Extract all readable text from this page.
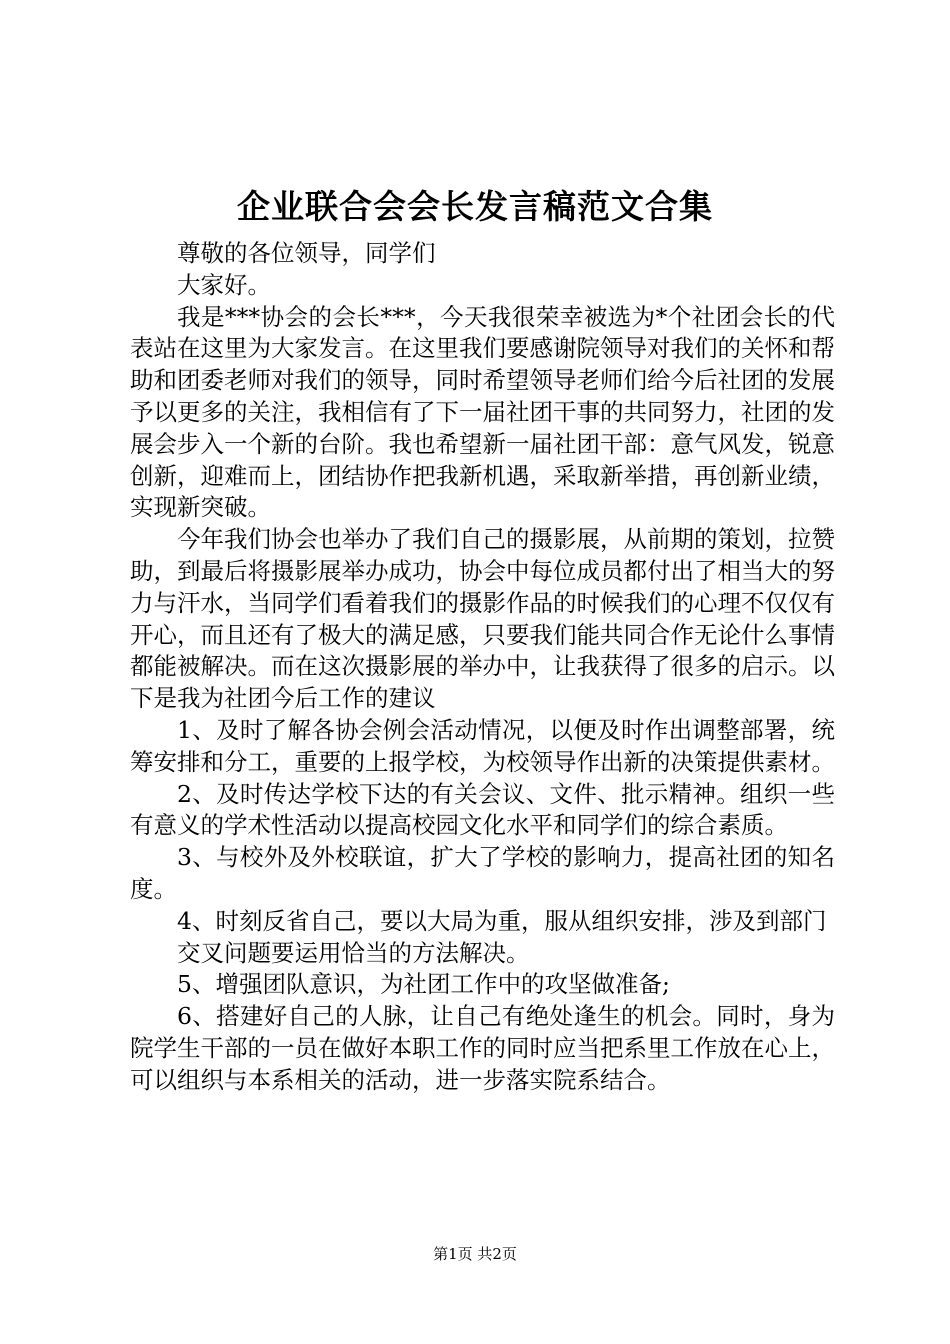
企业联合会会长发言稿范文合集

尊敬的各位领导，同学们

大家好。

我是***协会的会长***，今天我很荣幸被选为*个社团会长的代表站在这里为大家发言。在这里我们要感谢院领导对我们的关怀和帮助和团委老师对我们的领导，同时希望领导老师们给今后社团的发展予以更多的关注，我相信有了下一届社团干事的共同努力，社团的发展会步入一个新的台阶。我也希望新一届社团干部：意气风发，锐意创新，迎难而上，团结协作把我新机遇，采取新举措，再创新业绩，实现新突破。

今年我们协会也举办了我们自己的摄影展，从前期的策划，拉赞助，到最后将摄影展举办成功，协会中每位成员都付出了相当大的努力与汗水，当同学们看着我们的摄影作品的时候我们的心理不仅仅有开心，而且还有了极大的满足感，只要我们能共同合作无论什么事情都能被解决。而在这次摄影展的举办中，让我获得了很多的启示。以下是我为社团今后工作的建议

1、及时了解各协会例会活动情况，以便及时作出调整部署，统筹安排和分工，重要的上报学校，为校领导作出新的决策提供素材。

2、及时传达学校下达的有关会议、文件、批示精神。组织一些有意义的学术性活动以提高校园文化水平和同学们的综合素质。

3、与校外及外校联谊，扩大了学校的影响力，提高社团的知名度。

4、时刻反省自己，要以大局为重，服从组织安排，涉及到部门

交叉问题要运用恰当的方法解决。

5、增强团队意识，为社团工作中的攻坚做准备;

6、搭建好自己的人脉，让自己有绝处逢生的机会。同时，身为院学生干部的一员在做好本职工作的同时应当把系里工作放在心上，可以组织与本系相关的活动，进一步落实院系结合。

第1页 共2页
